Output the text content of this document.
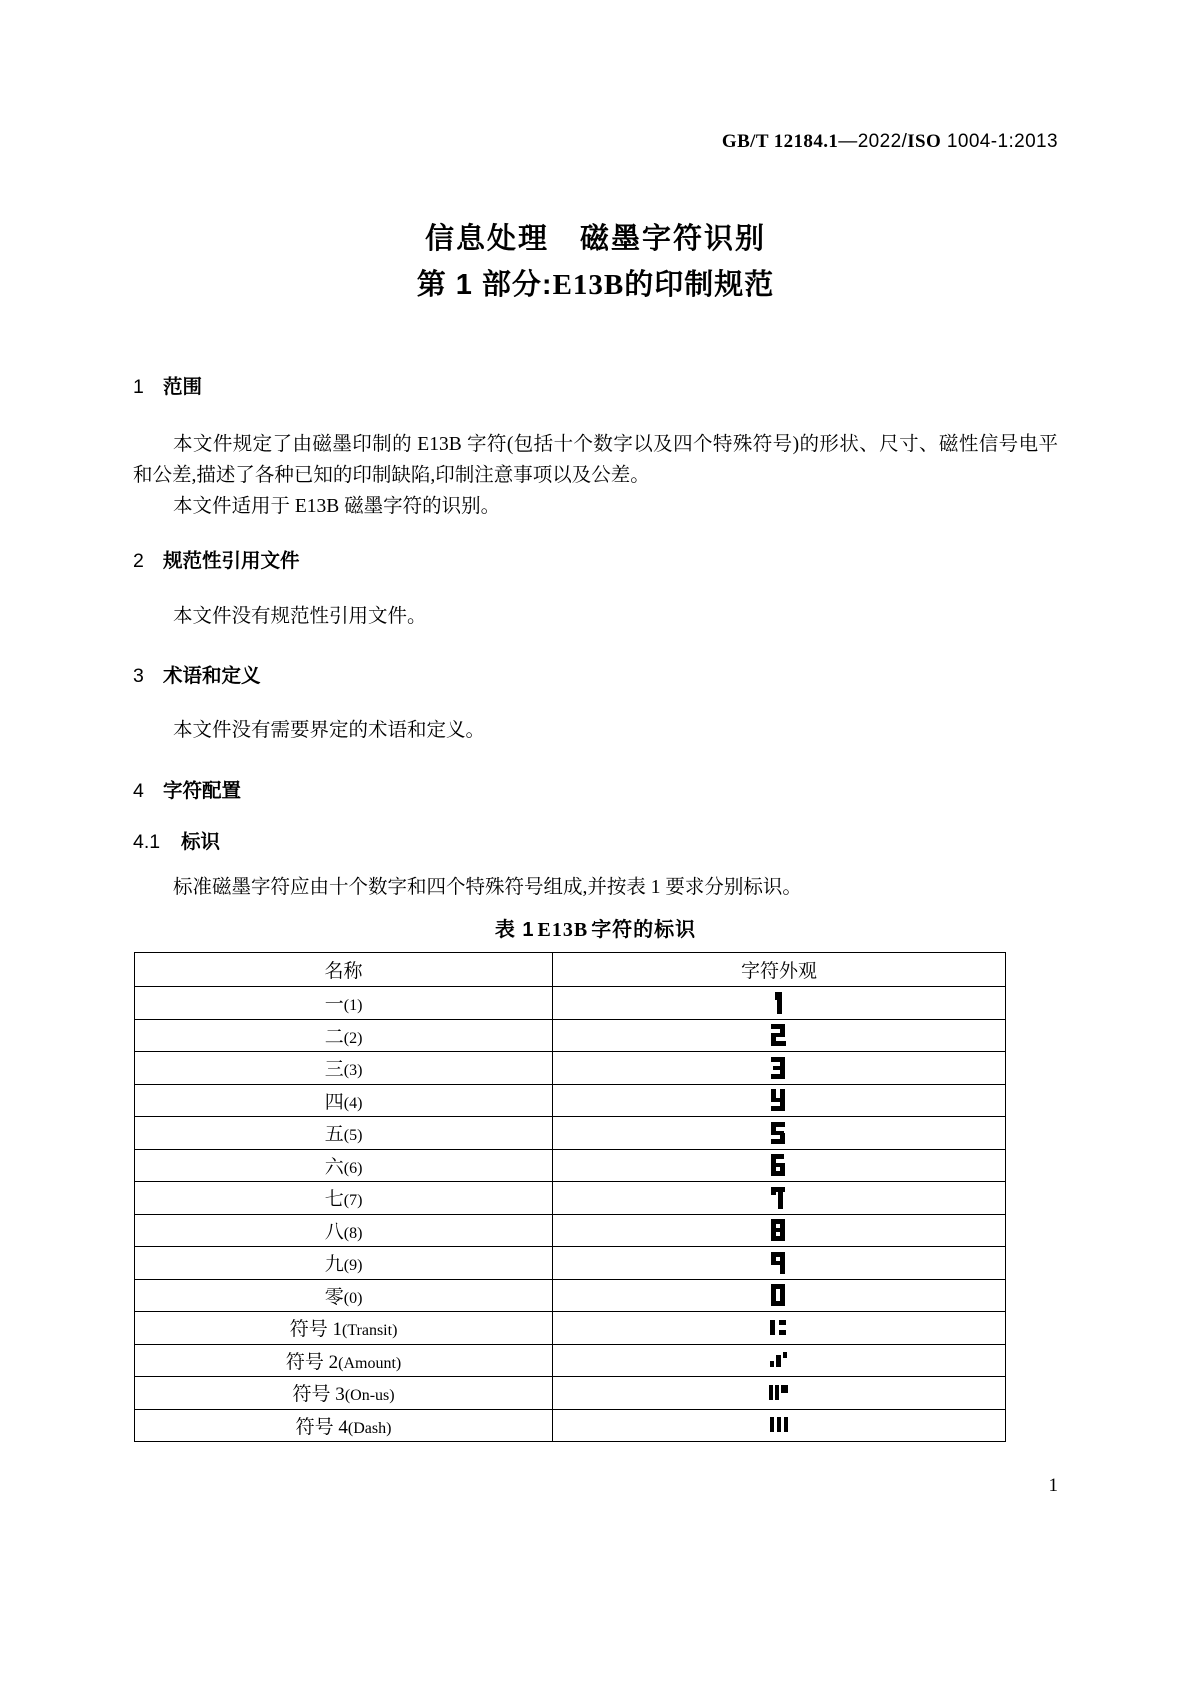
GB/T 12184.1—2022/ISO 1004-1:2013
信息处理　磁墨字符识别
第 1 部分:E13B的印制规范
1 范围
本文件规定了由磁墨印制的 E13B 字符(包括十个数字以及四个特殊符号)的形状、尺寸、磁性信号电平和公差,描述了各种已知的印制缺陷,印制注意事项以及公差。
本文件适用于 E13B 磁墨字符的识别。
2 规范性引用文件
本文件没有规范性引用文件。
3 术语和定义
本文件没有需要界定的术语和定义。
4 字符配置
4.1 标识
标准磁墨字符应由十个数字和四个特殊符号组成,并按表 1 要求分别标识。
表 1 E13B 字符的标识
名称	字符外观
一(1)	

二(2)	

三(3)	

四(4)	

五(5)	

六(6)	

七(7)	

八(8)	

九(9)	

零(0)	

符号 1(Transit)	

符号 2(Amount)	

符号 3(On-us)	

符号 4(Dash)	
1
